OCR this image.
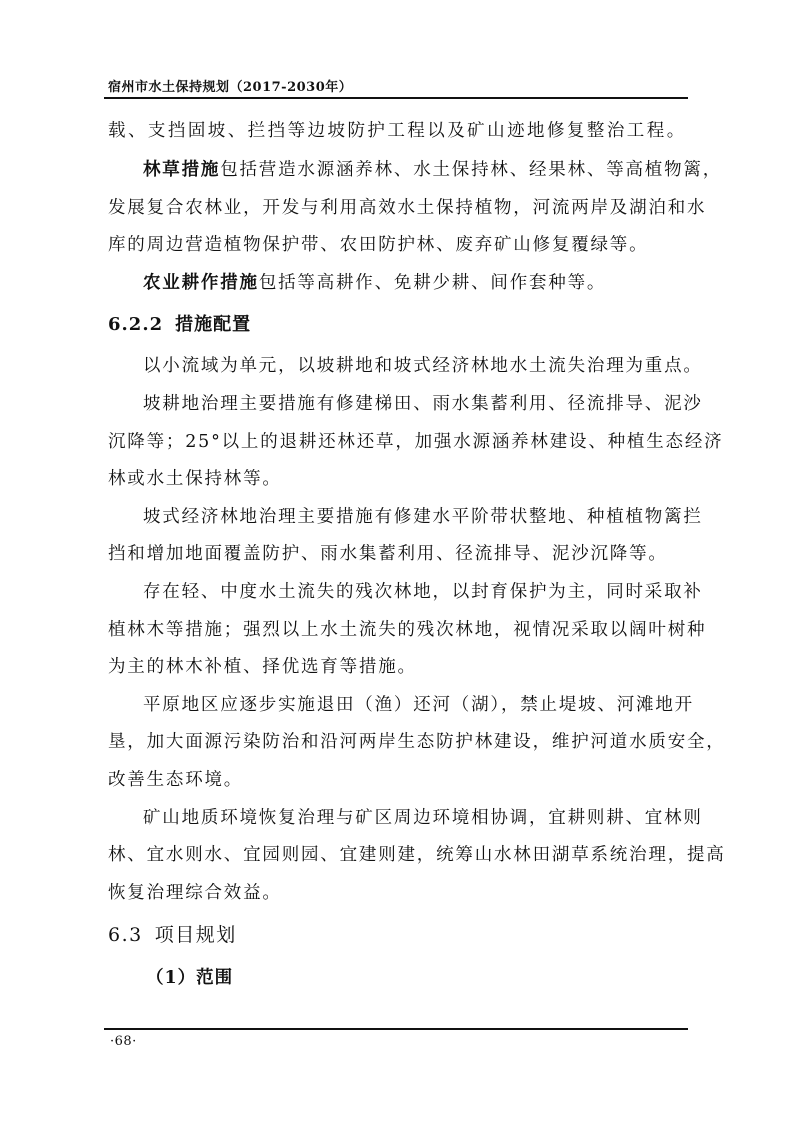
宿州市水土保持规划（2017-2030年）
载、支挡固坡、拦挡等边坡防护工程以及矿山迹地修复整治工程。
林草措施包括营造水源涵养林、水土保持林、经果林、等高植物篱，
发展复合农林业，开发与利用高效水土保持植物，河流两岸及湖泊和水
库的周边营造植物保护带、农田防护林、废弃矿山修复覆绿等。
农业耕作措施包括等高耕作、免耕少耕、间作套种等。
6.2.2 措施配置
以小流域为单元，以坡耕地和坡式经济林地水土流失治理为重点。
坡耕地治理主要措施有修建梯田、雨水集蓄利用、径流排导、泥沙
沉降等；25°以上的退耕还林还草，加强水源涵养林建设、种植生态经济
林或水土保持林等。
坡式经济林地治理主要措施有修建水平阶带状整地、种植植物篱拦
挡和增加地面覆盖防护、雨水集蓄利用、径流排导、泥沙沉降等。
存在轻、中度水土流失的残次林地，以封育保护为主，同时采取补
植林木等措施；强烈以上水土流失的残次林地，视情况采取以阔叶树种
为主的林木补植、择优选育等措施。
平原地区应逐步实施退田（渔）还河（湖），禁止堤坡、河滩地开
垦，加大面源污染防治和沿河两岸生态防护林建设，维护河道水质安全，
改善生态环境。
矿山地质环境恢复治理与矿区周边环境相协调，宜耕则耕、宜林则
林、宜水则水、宜园则园、宜建则建，统筹山水林田湖草系统治理，提高
恢复治理综合效益。
6.3 项目规划
（1）范围
·68·
